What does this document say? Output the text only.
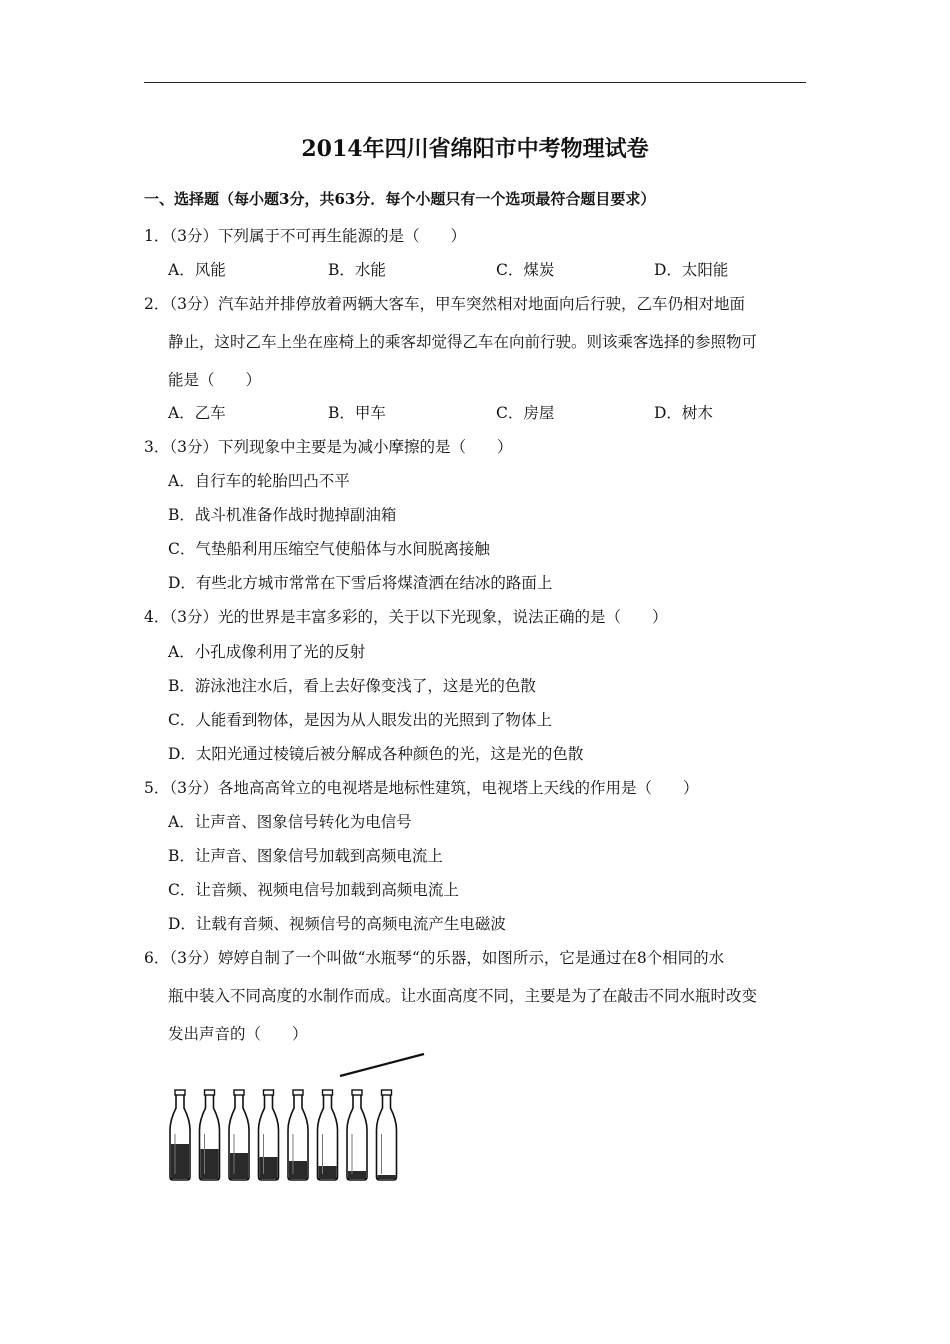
2014年四川省绵阳市中考物理试卷
一、选择题（每小题3分，共63分．每个小题只有一个选项最符合题目要求）
1．（3分）下列属于不可再生能源的是（　　）
A．风能	B．水能	C．煤炭	D．太阳能
2．（3分）汽车站并排停放着两辆大客车，甲车突然相对地面向后行驶，乙车仍相对地面
静止，这时乙车上坐在座椅上的乘客却觉得乙车在向前行驶。则该乘客选择的参照物可
能是（　　）
A．乙车	B．甲车	C．房屋	D．树木
3．（3分）下列现象中主要是为减小摩擦的是（　　）
A．自行车的轮胎凹凸不平
B．战斗机准备作战时抛掉副油箱
C．气垫船利用压缩空气使船体与水间脱离接触
D．有些北方城市常常在下雪后将煤渣洒在结冰的路面上
4．（3分）光的世界是丰富多彩的，关于以下光现象，说法正确的是（　　）
A．小孔成像利用了光的反射
B．游泳池注水后，看上去好像变浅了，这是光的色散
C．人能看到物体，是因为从人眼发出的光照到了物体上
D．太阳光通过棱镜后被分解成各种颜色的光，这是光的色散
5．（3分）各地高高耸立的电视塔是地标性建筑，电视塔上天线的作用是（　　）
A．让声音、图象信号转化为电信号
B．让声音、图象信号加载到高频电流上
C．让音频、视频电信号加载到高频电流上
D．让载有音频、视频信号的高频电流产生电磁波
6．（3分）婷婷自制了一个叫做“水瓶琴“的乐器，如图所示，它是通过在8个相同的水
瓶中装入不同高度的水制作而成。让水面高度不同，主要是为了在敲击不同水瓶时改变
发出声音的（　　）
